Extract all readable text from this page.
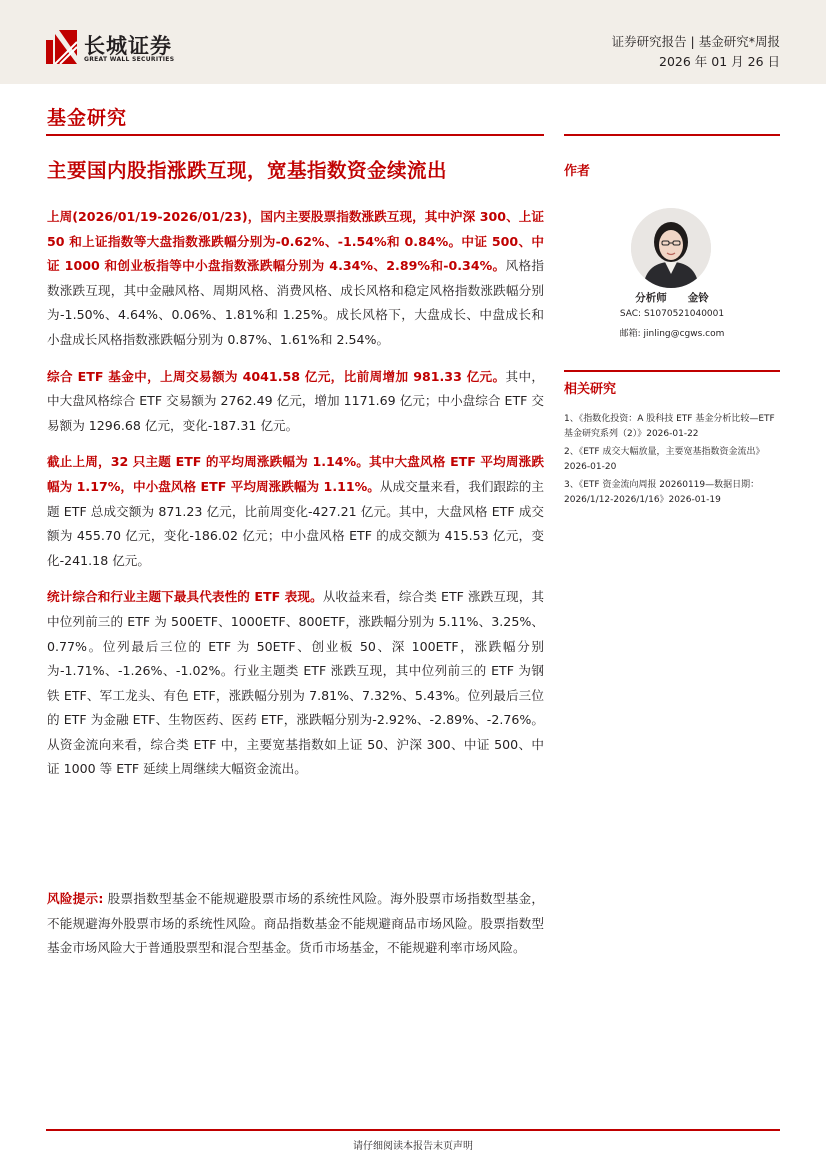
长城证券
GREAT WALL SECURITIES
证券研究报告 | 基金研究*周报
2026 年 01 月 26 日
基金研究
主要国内股指涨跌互现，宽基指数资金续流出

上周(2026/01/19-2026/01/23)，国内主要股票指数涨跌互现，其中沪深 300、上证 50 和上证指数等大盘指数涨跌幅分别为-0.62%、-1.54%和 0.84%。中证 500、中证 1000 和创业板指等中小盘指数涨跌幅分别为 4.34%、2.89%和-0.34%。风格指数涨跌互现，其中金融风格、周期风格、消费风格、成长风格和稳定风格指数涨跌幅分别为-1.50%、4.64%、0.06%、1.81%和 1.25%。成长风格下，大盘成长、中盘成长和小盘成长风格指数涨跌幅分别为 0.87%、1.61%和 2.54%。

综合 ETF 基金中，上周交易额为 4041.58 亿元，比前周增加 981.33 亿元。其中，中大盘风格综合 ETF 交易额为 2762.49 亿元，增加 1171.69 亿元；中小盘综合 ETF 交易额为 1296.68 亿元，变化-187.31 亿元。

截止上周，32 只主题 ETF 的平均周涨跌幅为 1.14%。其中大盘风格 ETF 平均周涨跌幅为 1.17%，中小盘风格 ETF 平均周涨跌幅为 1.11%。从成交量来看，我们跟踪的主题 ETF 总成交额为 871.23 亿元，比前周变化-427.21 亿元。其中，大盘风格 ETF 成交额为 455.70 亿元，变化-186.02 亿元；中小盘风格 ETF 的成交额为 415.53 亿元，变化-241.18 亿元。

统计综合和行业主题下最具代表性的 ETF 表现。从收益来看，综合类 ETF 涨跌互现，其中位列前三的 ETF 为 500ETF、1000ETF、800ETF，涨跌幅分别为 5.11%、3.25%、0.77%。位列最后三位的 ETF 为 50ETF、创业板 50、深 100ETF，涨跌幅分别为-1.71%、-1.26%、-1.02%。行业主题类 ETF 涨跌互现，其中位列前三的 ETF 为钢铁 ETF、军工龙头、有色 ETF，涨跌幅分别为 7.81%、7.32%、5.43%。位列最后三位的 ETF 为金融 ETF、生物医药、医药 ETF，涨跌幅分别为-2.92%、-2.89%、-2.76%。从资金流向来看，综合类 ETF 中，主要宽基指数如上证 50、沪深 300、中证 500、中证 1000 等 ETF 延续上周继续大幅资金流出。

风险提示: 股票指数型基金不能规避股票市场的系统性风险。海外股票市场指数型基金，不能规避海外股票市场的系统性风险。商品指数基金不能规避商品市场风险。股票指数型基金市场风险大于普通股票型和混合型基金。货币市场基金，不能规避利率市场风险。
作者
分析师　　金铃
SAC: S1070521040001
邮箱: jinling@cgws.com
相关研究
1、《指数化投资：A 股科技 ETF 基金分析比较—ETF 基金研究系列（2）》2026-01-22
2、《ETF 成交大幅放量，主要宽基指数资金流出》2026-01-20
3、《ETF 资金流向周报 20260119—数据日期：2026/1/12-2026/1/16》2026-01-19
请仔细阅读本报告末页声明
